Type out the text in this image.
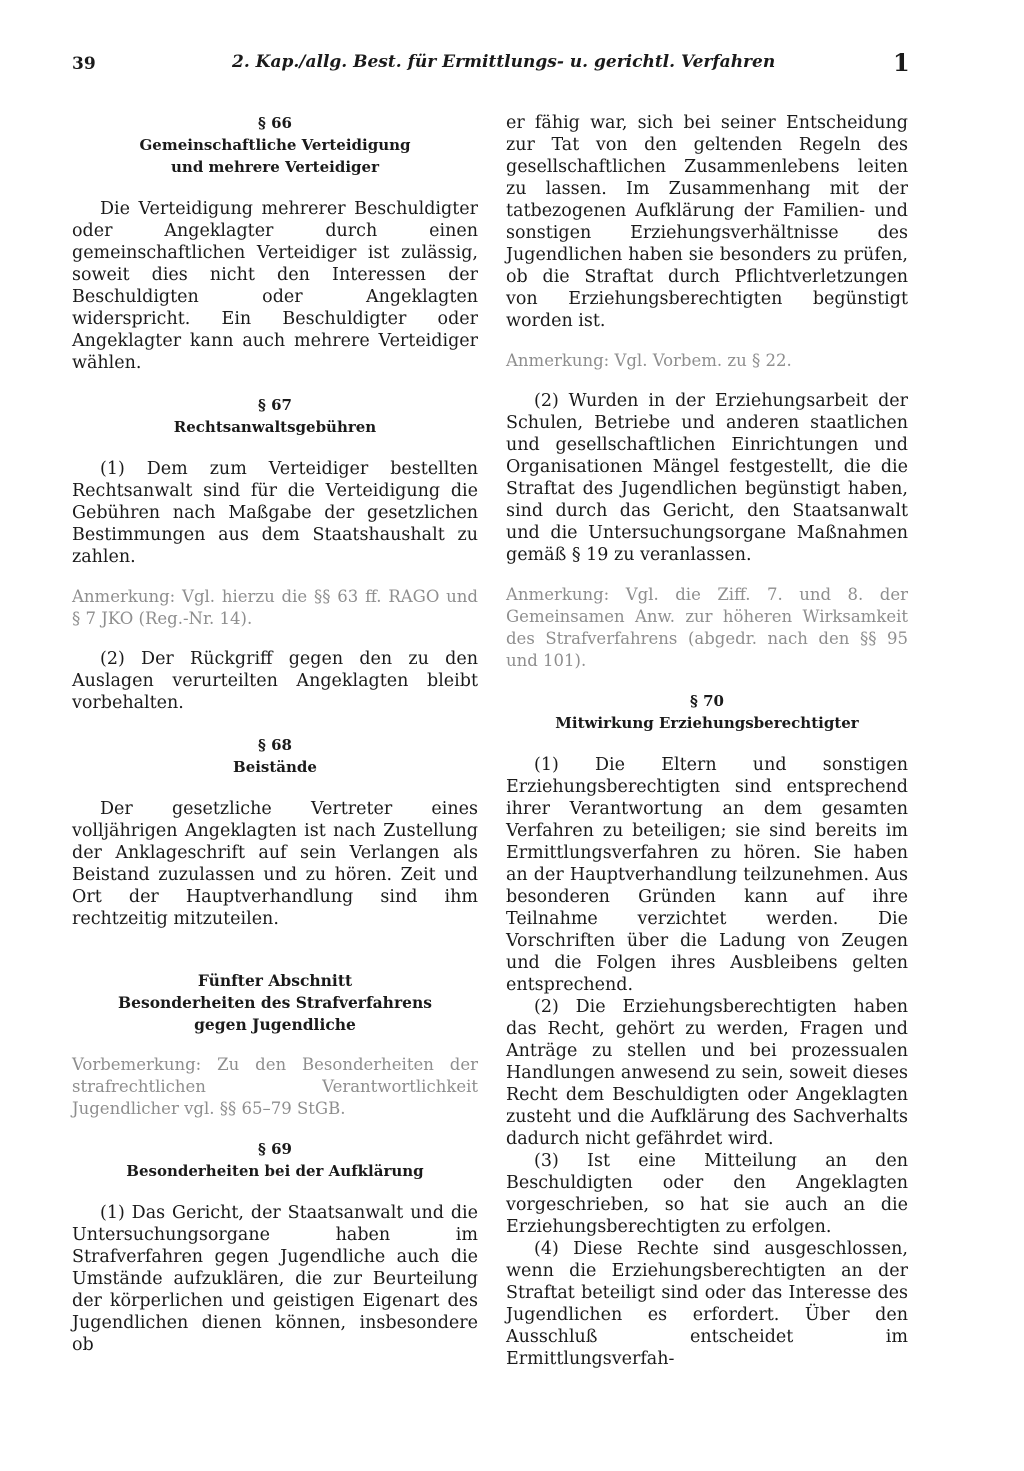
39	2. Kap./allg. Best. für Ermittlungs- u. gerichtl. Verfahren	1
§ 66
Gemeinschaftliche Verteidigung
und mehrere Verteidiger

Die Verteidigung mehrerer Beschuldigter oder Angeklagter durch einen gemeinschaftlichen Verteidiger ist zulässig, soweit dies nicht den Interessen der Beschuldigten oder Angeklagten widerspricht. Ein Beschuldigter oder Angeklagter kann auch mehrere Verteidiger wählen.

§ 67
Rechtsanwaltsgebühren

(1) Dem zum Verteidiger bestellten Rechtsanwalt sind für die Verteidigung die Gebühren nach Maßgabe der gesetzlichen Bestimmungen aus dem Staatshaushalt zu zahlen.

Anmerkung: Vgl. hierzu die §§ 63 ff. RAGO und § 7 JKO (Reg.-Nr. 14).

(2) Der Rückgriff gegen den zu den Auslagen verurteilten Angeklagten bleibt vorbehalten.

§ 68
Beistände

Der gesetzliche Vertreter eines volljährigen Angeklagten ist nach Zustellung der Anklageschrift auf sein Verlangen als Beistand zuzulassen und zu hören. Zeit und Ort der Hauptverhandlung sind ihm rechtzeitig mitzuteilen.

Fünfter Abschnitt
Besonderheiten des Strafverfahrens
gegen Jugendliche

Vorbemerkung: Zu den Besonderheiten der strafrechtlichen Verantwortlichkeit Jugendlicher vgl. §§ 65–79 StGB.

§ 69
Besonderheiten bei der Aufklärung

(1) Das Gericht, der Staatsanwalt und die Untersuchungsorgane haben im Strafverfahren gegen Jugendliche auch die Umstände aufzuklären, die zur Beurteilung der körperlichen und geistigen Eigenart des Jugendlichen dienen können, insbesondere ob

er fähig war, sich bei seiner Entscheidung zur Tat von den geltenden Regeln des gesellschaftlichen Zusammenlebens leiten zu lassen. Im Zusammenhang mit der tatbezogenen Aufklärung der Familien- und sonstigen Erziehungsverhältnisse des Jugendlichen haben sie besonders zu prüfen, ob die Straftat durch Pflichtverletzungen von Erziehungsberechtigten begünstigt worden ist.

Anmerkung: Vgl. Vorbem. zu § 22.

(2) Wurden in der Erziehungsarbeit der Schulen, Betriebe und anderen staatlichen und gesellschaftlichen Einrichtungen und Organisationen Mängel festgestellt, die die Straftat des Jugendlichen begünstigt haben, sind durch das Gericht, den Staatsanwalt und die Untersuchungsorgane Maßnahmen gemäß § 19 zu veranlassen.

Anmerkung: Vgl. die Ziff. 7. und 8. der Gemeinsamen Anw. zur höheren Wirksamkeit des Strafverfahrens (abgedr. nach den §§ 95 und 101).

§ 70
Mitwirkung Erziehungsberechtigter

(1) Die Eltern und sonstigen Erziehungsberechtigten sind entsprechend ihrer Verantwortung an dem gesamten Verfahren zu beteiligen; sie sind bereits im Ermittlungsverfahren zu hören. Sie haben an der Hauptverhandlung teilzunehmen. Aus besonderen Gründen kann auf ihre Teilnahme verzichtet werden. Die Vorschriften über die Ladung von Zeugen und die Folgen ihres Ausbleibens gelten entsprechend.

(2) Die Erziehungsberechtigten haben das Recht, gehört zu werden, Fragen und Anträge zu stellen und bei prozessualen Handlungen anwesend zu sein, soweit dieses Recht dem Beschuldigten oder Angeklagten zusteht und die Aufklärung des Sachverhalts dadurch nicht gefährdet wird.

(3) Ist eine Mitteilung an den Beschuldigten oder den Angeklagten vorgeschrieben, so hat sie auch an die Erziehungsberechtigten zu erfolgen.

(4) Diese Rechte sind ausgeschlossen, wenn die Erziehungsberechtigten an der Straftat beteiligt sind oder das Interesse des Jugendlichen es erfordert. Über den Ausschluß entscheidet im Ermittlungsverfah-
